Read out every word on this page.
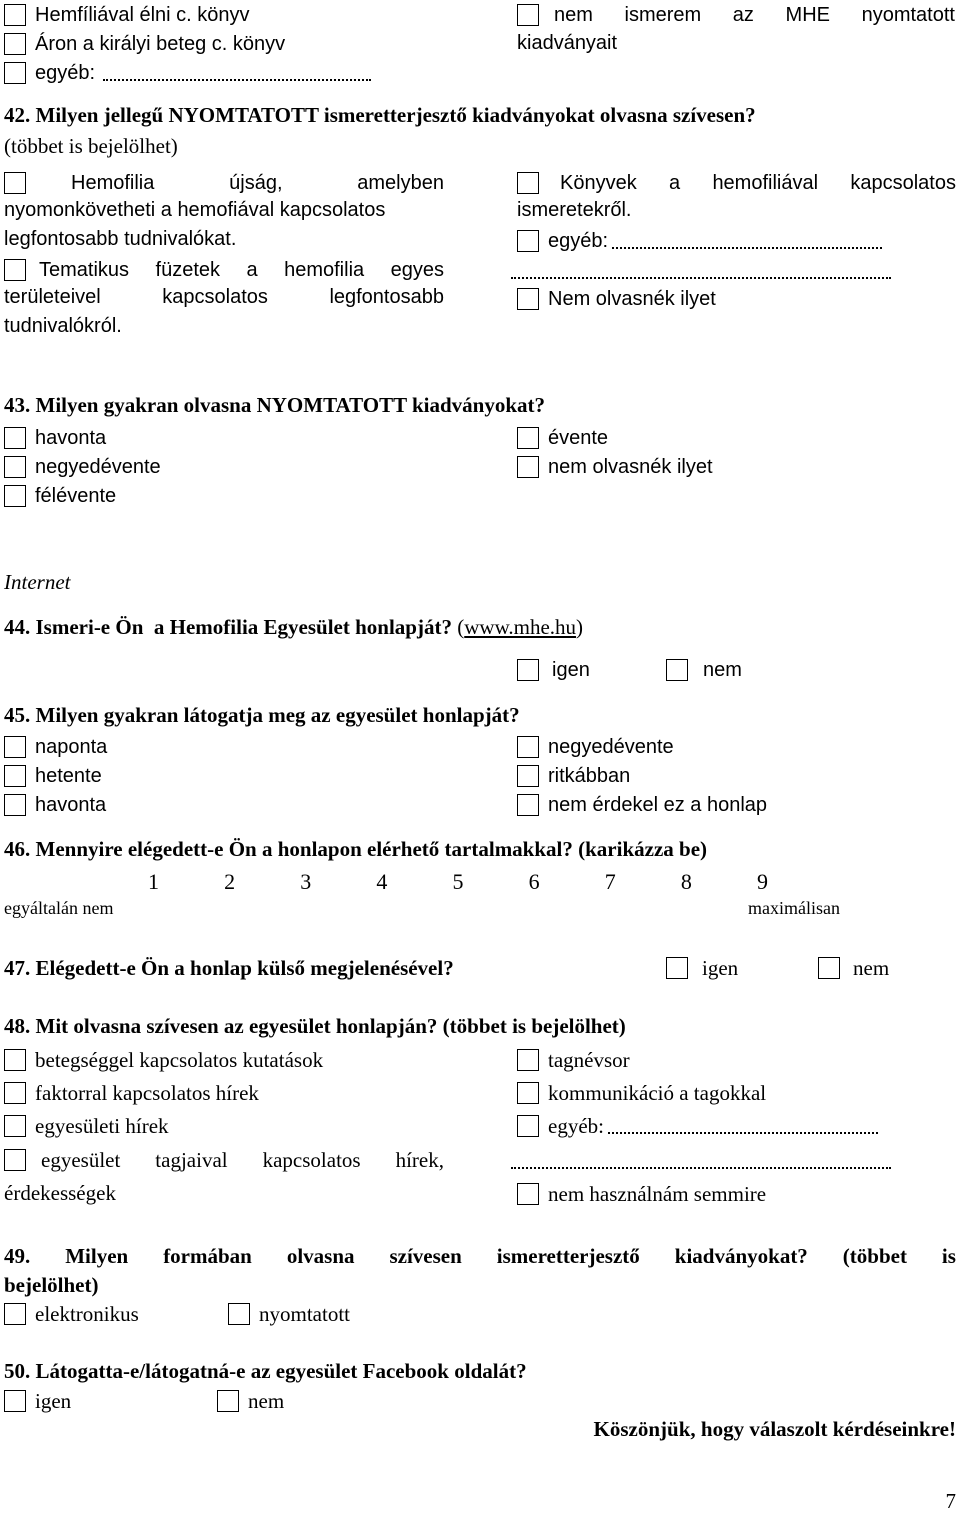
Hemfíliával élni c. könyv
Áron a királyi beteg c. könyv
egyéb:
nem ismerem az MHE nyomtatott
kiadványait
42. Milyen jellegű NYOMTATOTT ismeretterjesztő kiadványokat olvasna szívesen?
(többet is bejelölhet)
Hemofilia	újság,	amelyben
nyomonkövetheti a hemofiával kapcsolatos
legfontosabb tudnivalókat.
Tematikus füzetek a hemofilia egyes
területeivel	kapcsolatos	legfontosabb
tudnivalókról.
Könyvek a hemofiliával kapcsolatos
ismeretekről.
egyéb:
Nem olvasnék ilyet
43. Milyen gyakran olvasna NYOMTATOTT kiadványokat?
havonta
negyedévente
félévente
évente
nem olvasnék ilyet
Internet
44. Ismeri-e Ön  a Hemofilia Egyesület honlapját? (www.mhe.hu)
igen	nem
45. Milyen gyakran látogatja meg az egyesület honlapját?
naponta
hetente
havonta
negyedévente
ritkábban
nem érdekel ez a honlap
46. Mennyire elégedett-e Ön a honlapon elérhető tartalmakkal? (karikázza be)
1	2	3	4	5	6	7	8	9
egyáltalán nem	maximálisan
47. Elégedett-e Ön a honlap külső megjelenésével?	igen	nem
48. Mit olvasna szívesen az egyesület honlapján? (többet is bejelölhet)
betegséggel kapcsolatos kutatások
faktorral kapcsolatos hírek
egyesületi hírek
egyesület tagjaival kapcsolatos hírek,
érdekességek
tagnévsor
kommunikáció a tagokkal
egyéb:
nem használnám semmire
49. Milyen formában olvasna szívesen ismeretterjesztő kiadványokat? (többet is
bejelölhet)
elektronikus	nyomtatott
50. Látogatta-e/látogatná-e az egyesület Facebook oldalát?
igen	nem
Köszönjük, hogy válaszolt kérdéseinkre!
7
